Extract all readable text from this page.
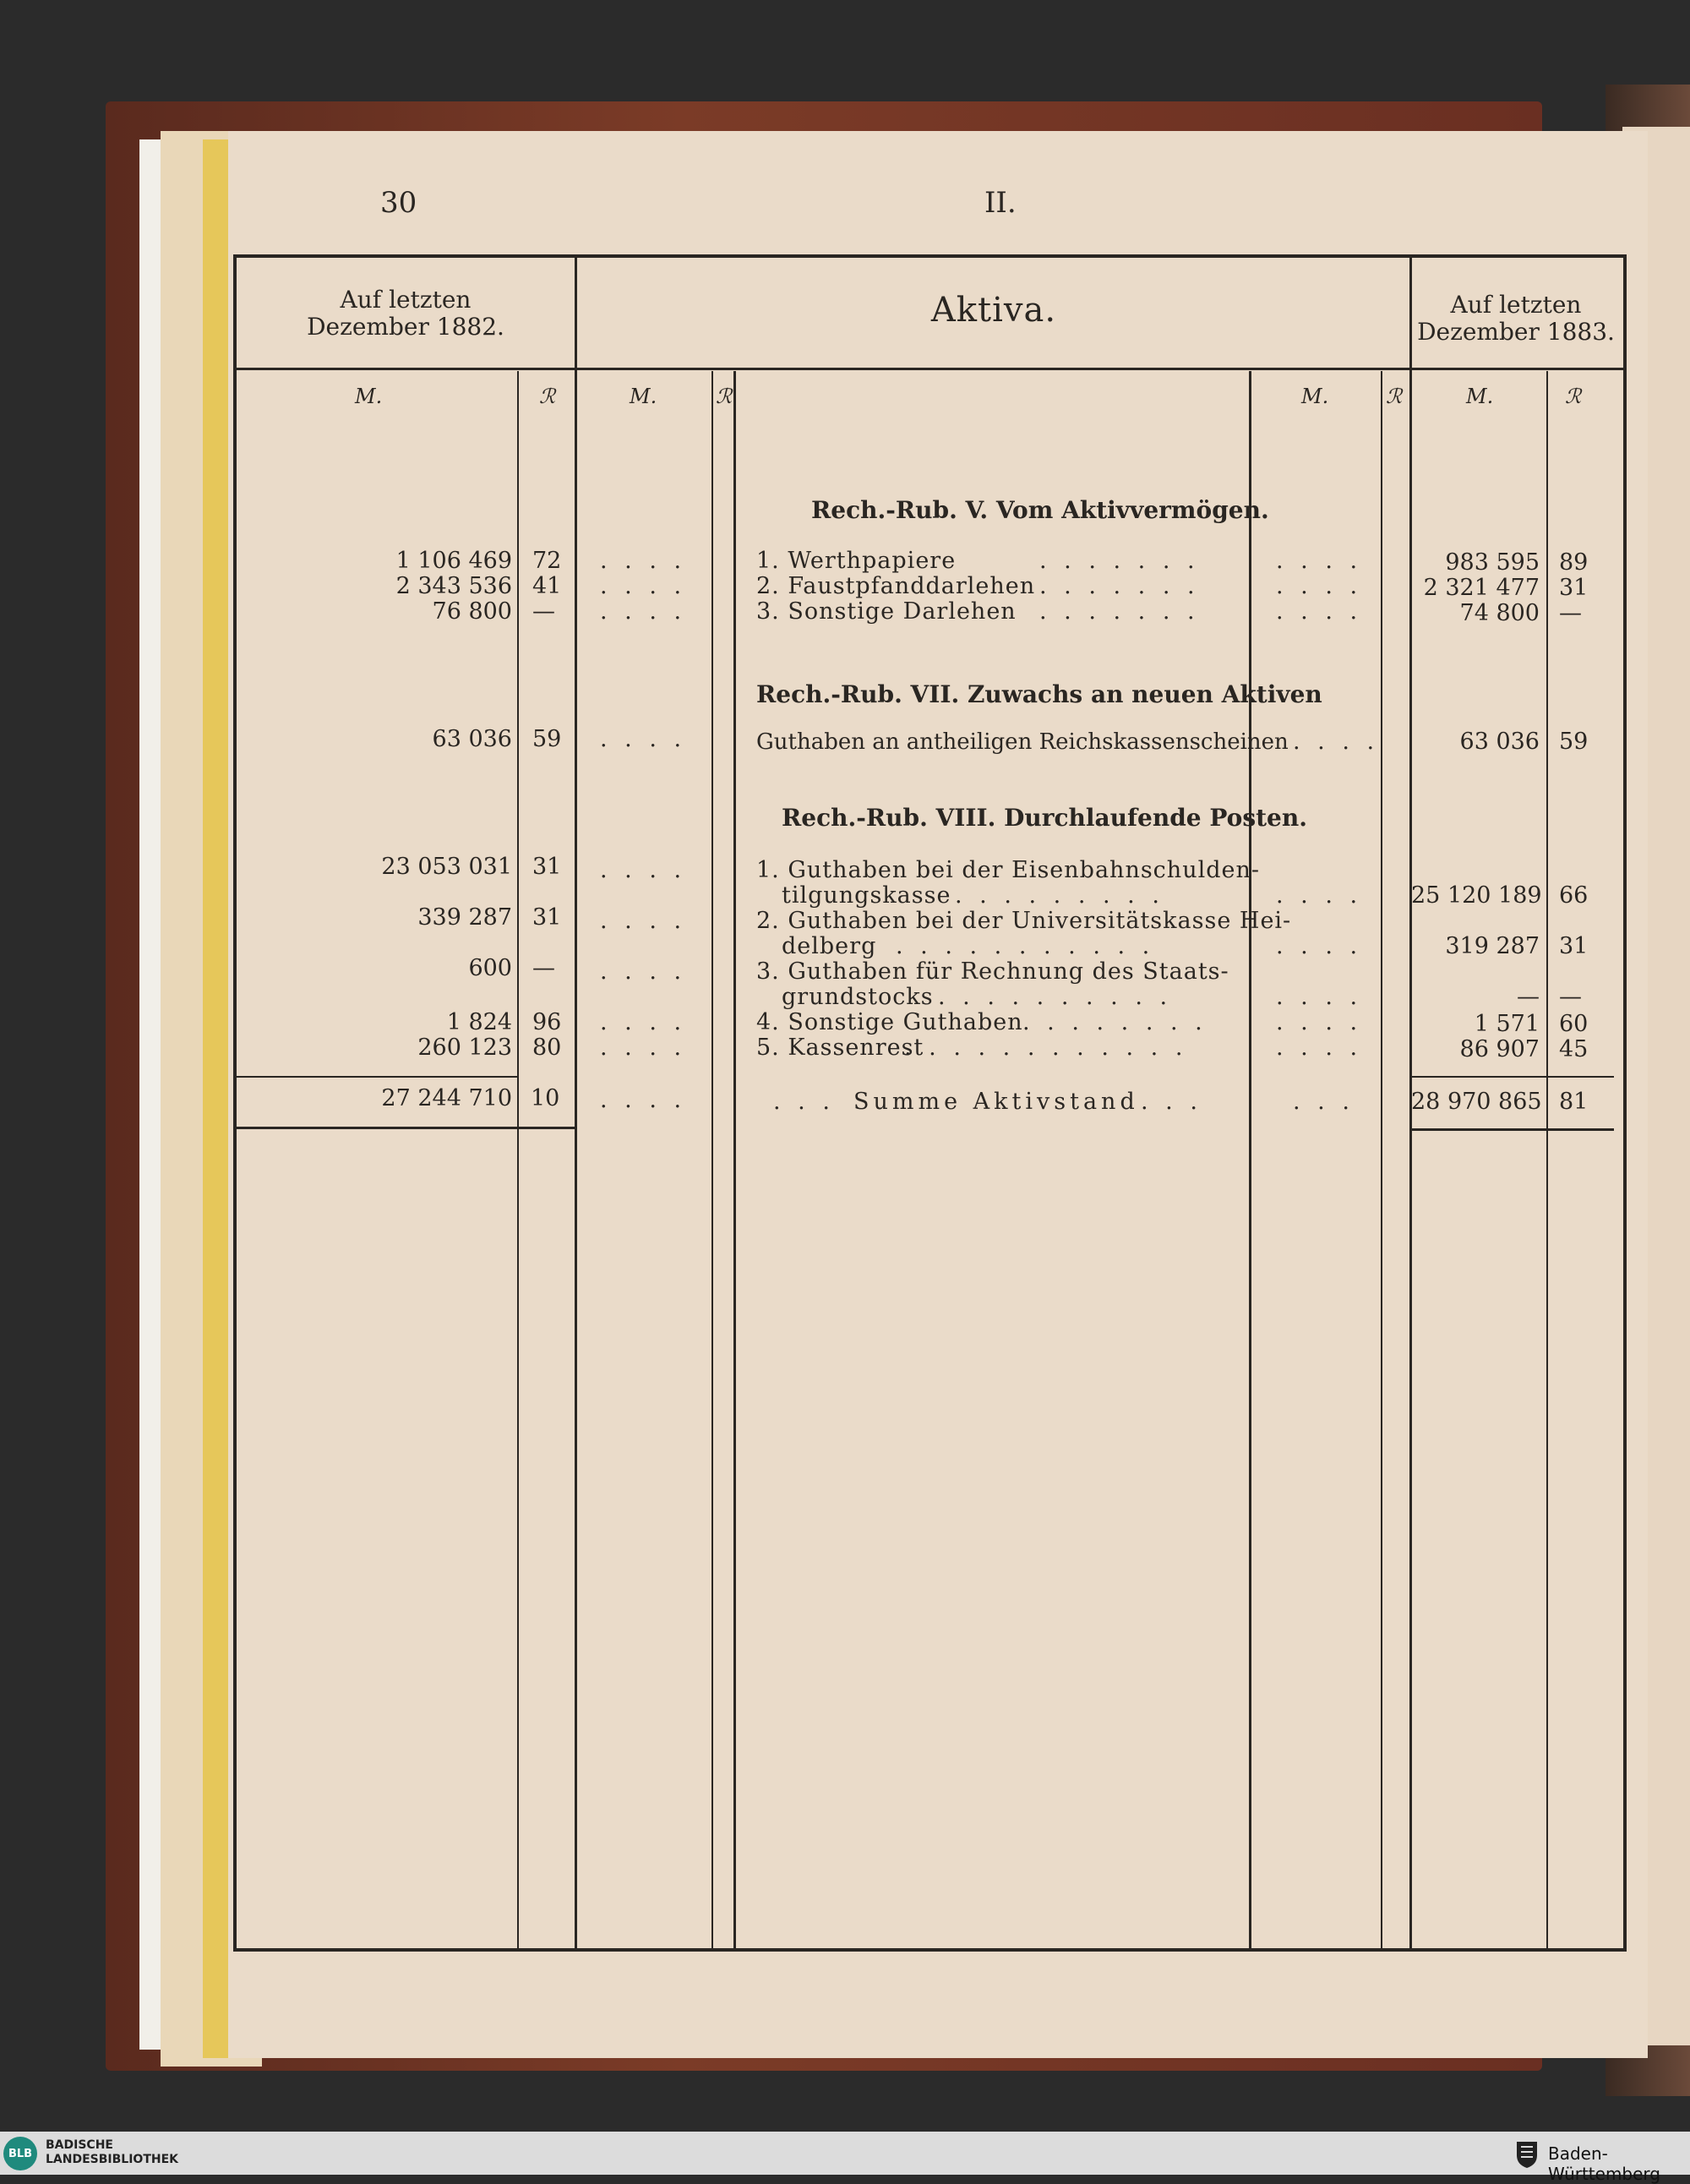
30	II.
Auf letzten
Dezember 1882.	Aktiva.	Auf letzten
Dezember 1883.
M.	ℛ	M.	ℛ	M.	ℛ	M.	ℛ
Rech.-Rub. V. Vom Aktivvermögen.
1 106 469 72 . . . .	1. Werthpapiere	. . . . . . .	. . . .	983 595 89
2 343 536 41 . . . .	2. Faustpfanddarlehen . . . . . . .	. . . .	2 321 477 31
76 800 — . . . .	3. Sonstige Darlehen . . . . . . .	. . . .	74 800 —
Rech.-Rub. VII. Zuwachs an neuen Aktiven
63 036 59 . . . .	Guthaben an antheiligen Reichskassenscheinen . . . .	63 036 59
Rech.-Rub. VIII. Durchlaufende Posten.
23 053 031 31 . . . .	1. Guthaben bei der Eisenbahnschulden-
tilgungskasse . . . . . . . . .	. . . . 25 120 189 66
339 287 31 . . . .	2. Guthaben bei der Universitätskasse Hei-
delberg . . . . . . . . . . .	. . . .	319 287 31
600 — . . . .	3. Guthaben für Rechnung des Staats-
grundstocks . . . . . . . . . .	. . . .	— —
1 824 96 . . . .	4. Sonstige Guthaben . . . . . . . .	. . . .	1 571 60
260 123 80 . . . .	5. Kassenrest
. . . . . . . . . . . .	. . . .	86 907 45
27 244 710 10 . . . .	. . . Summe Aktivstand . . .	. . . 28 970 865 81
BLB
BADISCHE
LANDESBIBLIOTHEK	Baden-Württemberg
